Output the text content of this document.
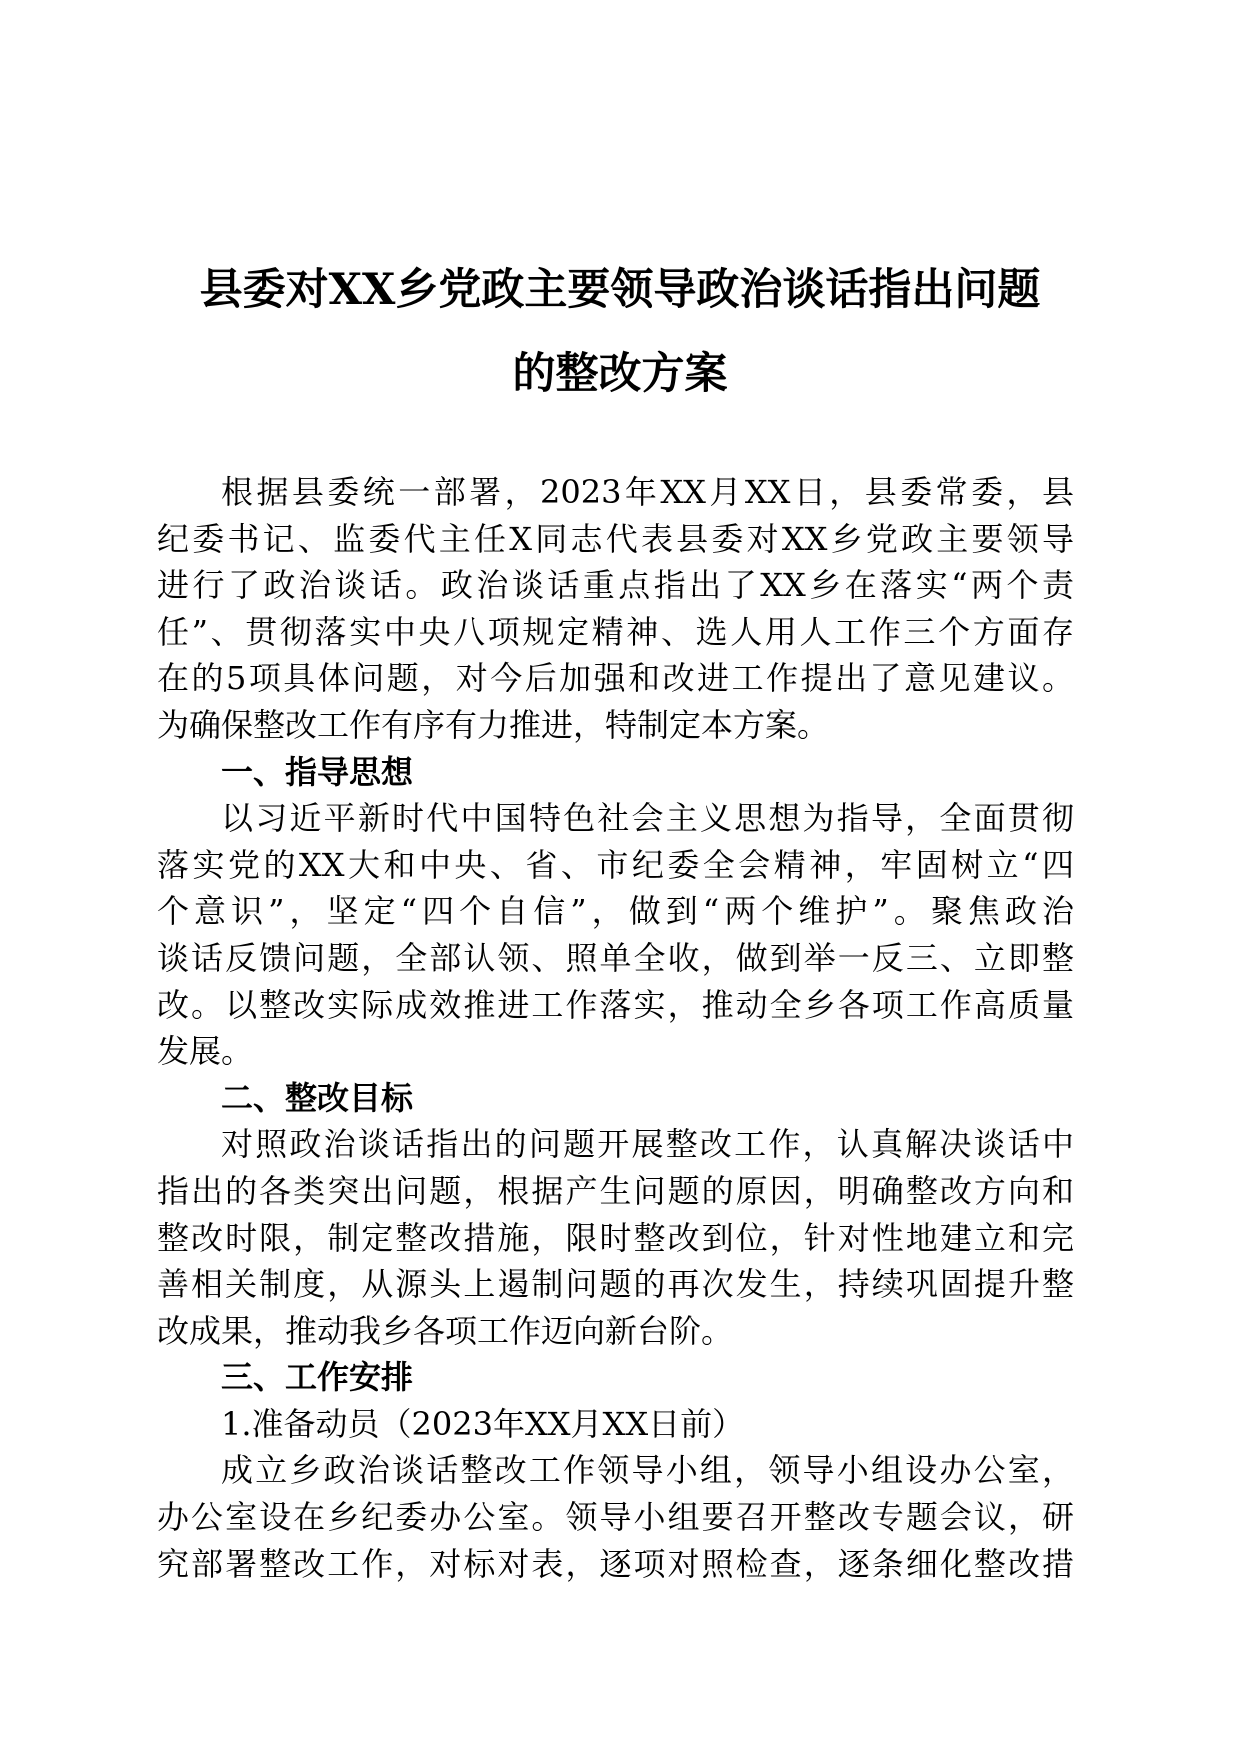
县委对XX乡党政主要领导政治谈话指出问题
的整改方案
根据县委统一部署，2023年XX月XX日，县委常委，县
纪委书记、监委代主任X同志代表县委对XX乡党政主要领导
进行了政治谈话。政治谈话重点指出了XX乡在落实“两个责
任”、贯彻落实中央八项规定精神、选人用人工作三个方面存
在的5项具体问题，对今后加强和改进工作提出了意见建议。
为确保整改工作有序有力推进，特制定本方案。
一、指导思想
以习近平新时代中国特色社会主义思想为指导，全面贯彻
落实党的XX大和中央、省、市纪委全会精神，牢固树立“四
个意识”，坚定“四个自信”，做到“两个维护”。聚焦政治
谈话反馈问题，全部认领、照单全收，做到举一反三、立即整
改。以整改实际成效推进工作落实，推动全乡各项工作高质量
发展。
二、整改目标
对照政治谈话指出的问题开展整改工作，认真解决谈话中
指出的各类突出问题，根据产生问题的原因，明确整改方向和
整改时限，制定整改措施，限时整改到位，针对性地建立和完
善相关制度，从源头上遏制问题的再次发生，持续巩固提升整
改成果，推动我乡各项工作迈向新台阶。
三、工作安排
1.准备动员（2023年XX月XX日前）
成立乡政治谈话整改工作领导小组，领导小组设办公室，
办公室设在乡纪委办公室。领导小组要召开整改专题会议，研
究部署整改工作，对标对表，逐项对照检查，逐条细化整改措
